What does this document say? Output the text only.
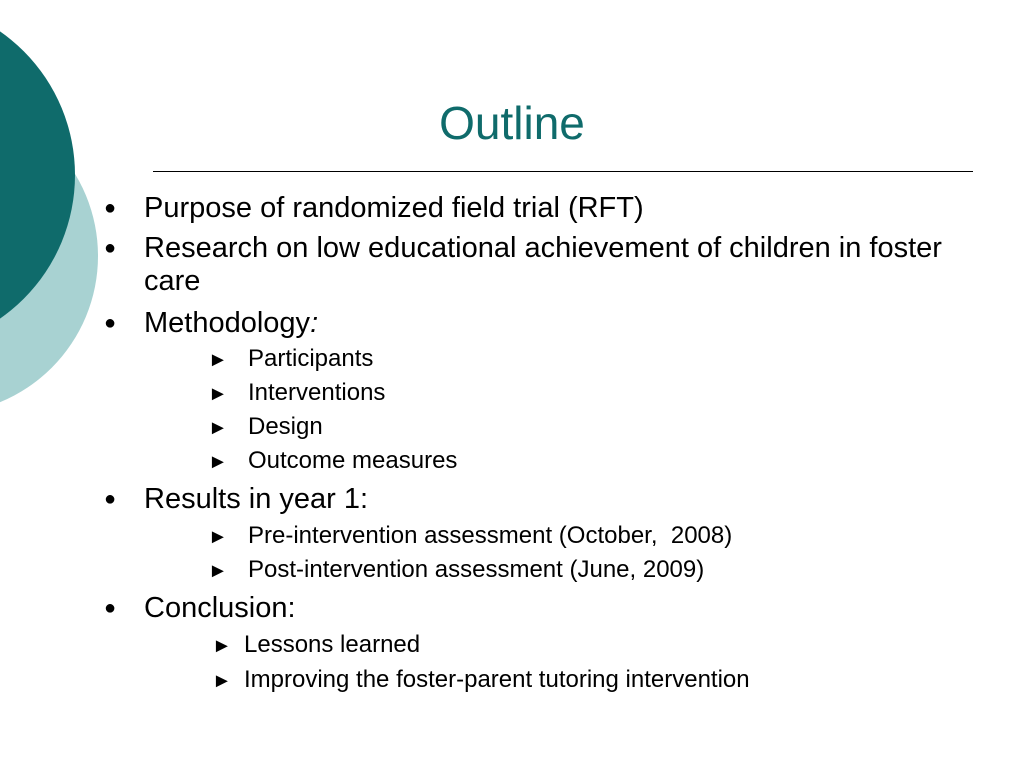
Outline
● Purpose of randomized field trial (RFT)
● Research on low educational achievement of children in foster care
● Methodology:
► Participants
► Interventions
► Design
► Outcome measures
● Results in year 1:
► Pre-intervention assessment (October,  2008)
► Post-intervention assessment (June, 2009)
● Conclusion:
► Lessons learned
► Improving the foster-parent tutoring intervention
